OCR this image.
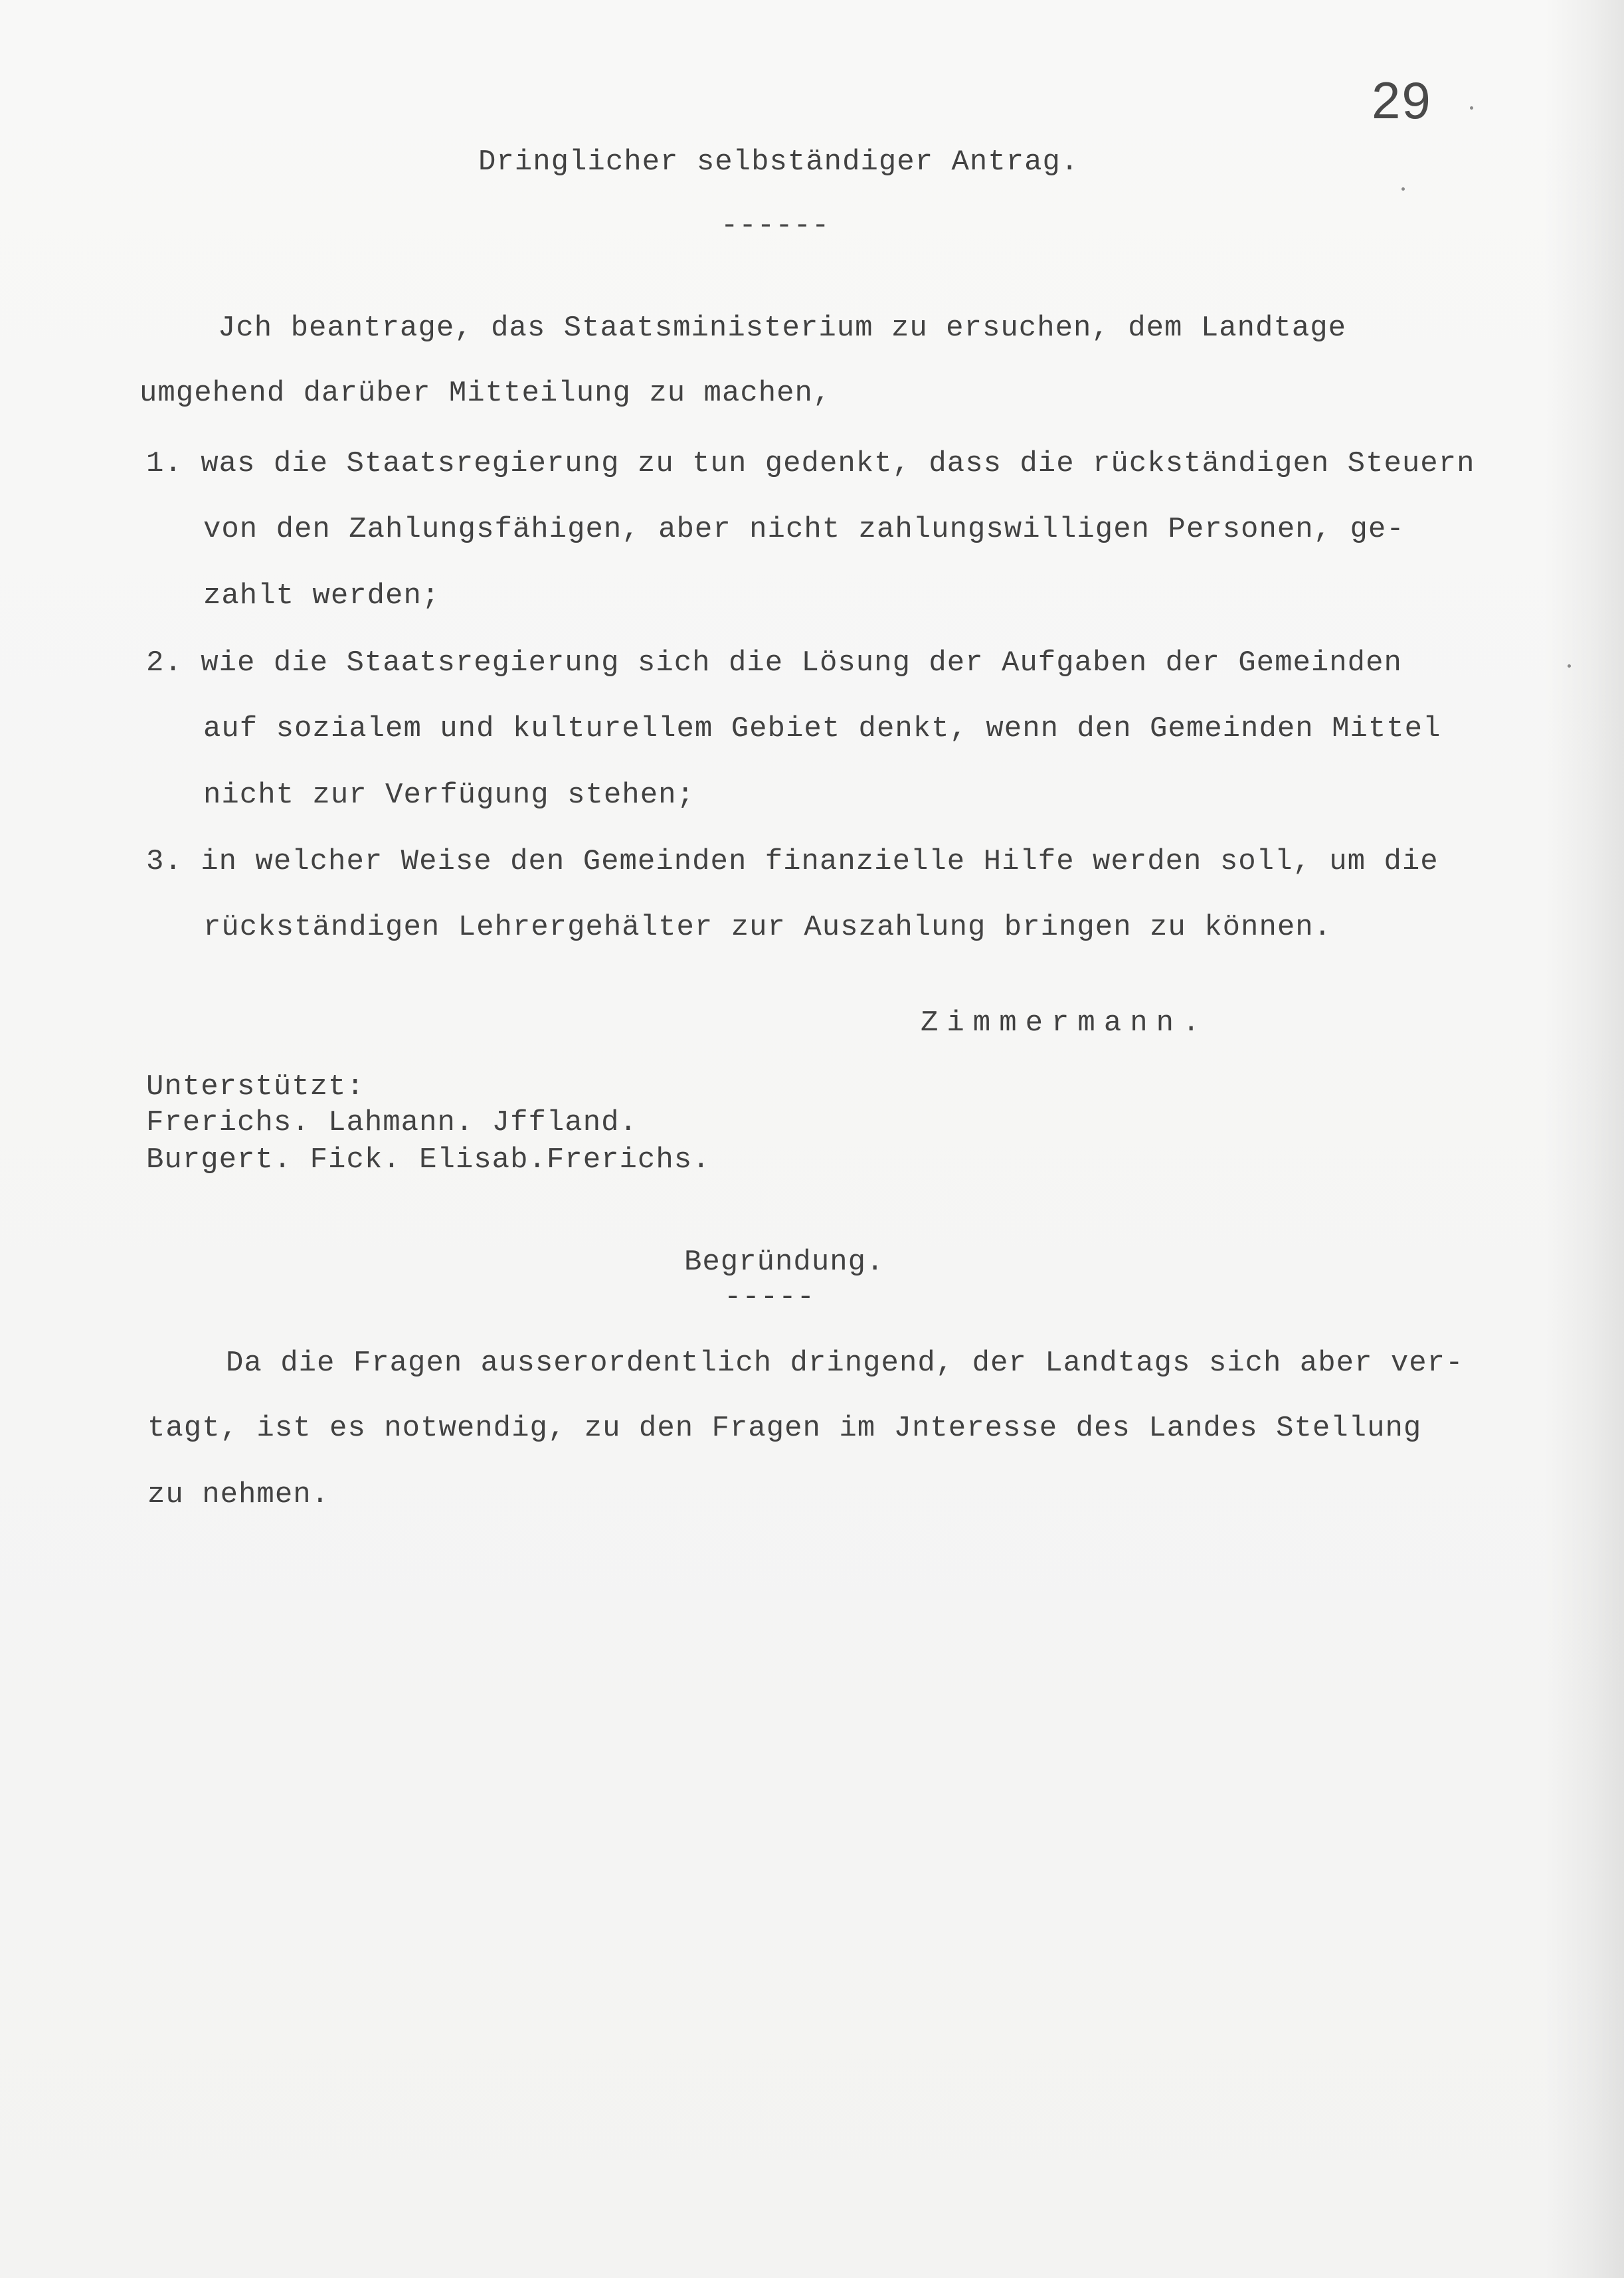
29
Dringlicher selbständiger Antrag.
------
Jch beantrage, das Staatsministerium zu ersuchen, dem Landtage
umgehend darüber Mitteilung zu machen,
1. was die Staatsregierung zu tun gedenkt, dass die rückständigen Steuern
von den Zahlungsfähigen, aber nicht zahlungswilligen Personen, ge-
zahlt werden;
2. wie die Staatsregierung sich die Lösung der Aufgaben der Gemeinden
auf sozialem und kulturellem Gebiet denkt, wenn den Gemeinden Mittel
nicht zur Verfügung stehen;
3. in welcher Weise den Gemeinden finanzielle Hilfe werden soll, um die
rückständigen Lehrergehälter zur Auszahlung bringen zu können.
Zimmermann.
Unterstützt:
Frerichs. Lahmann. Jffland.
Burgert. Fick. Elisab.Frerichs.
Begründung.
-----
Da die Fragen ausserordentlich dringend, der Landtags sich aber ver-
tagt, ist es notwendig, zu den Fragen im Jnteresse des Landes Stellung
zu nehmen.
